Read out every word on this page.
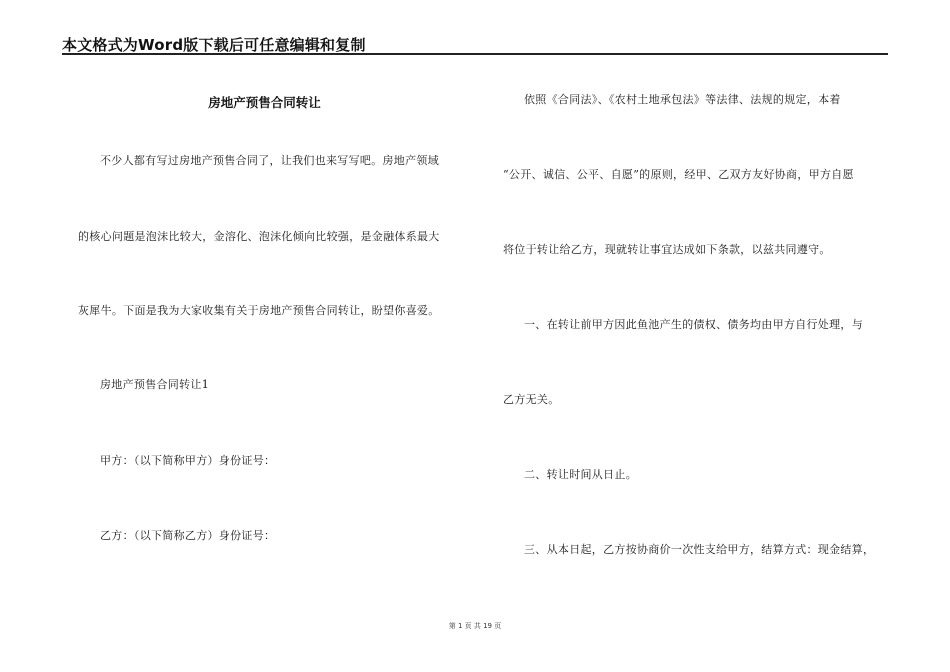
本文格式为Word版下载后可任意编辑和复制
房地产预售合同转让
不少人都有写过房地产预售合同了，让我们也来写写吧。房地产领域
的核心问题是泡沫比较大，金溶化、泡沫化倾向比较强，是金融体系最大
灰犀牛。下面是我为大家收集有关于房地产预售合同转让，盼望你喜爱。
房地产预售合同转让1
甲方：（以下简称甲方）身份证号：
乙方：（以下简称乙方）身份证号：
依照《合同法》、《农村土地承包法》等法律、法规的规定，本着
“公开、诚信、公平、自愿”的原则，经甲、乙双方友好协商，甲方自愿
将位于转让给乙方，现就转让事宜达成如下条款，以兹共同遵守。
一、在转让前甲方因此鱼池产生的债权、债务均由甲方自行处理，与
乙方无关。
二、转让时间从日止。
三、从本日起，乙方按协商价一次性支给甲方，结算方式：现金结算，
第 1 页 共 19 页
